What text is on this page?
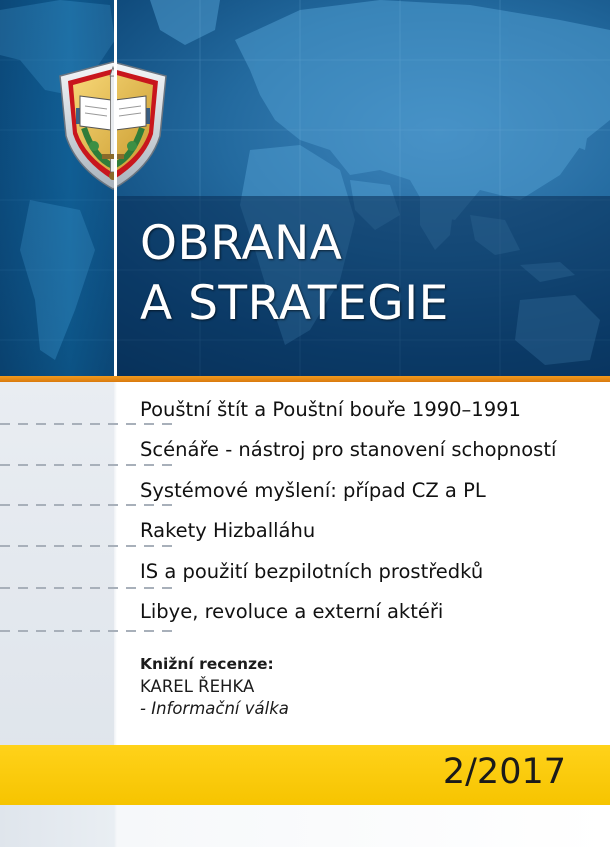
OBRANA
A STRATEGIE
Pouštní štít a Pouštní bouře 1990–1991
Scénáře - nástroj pro stanovení schopností
Systémové myšlení: případ CZ a PL
Rakety Hizballáhu
IS a použití bezpilotních prostředků
Libye, revoluce a externí aktéři

Knižní recenze:

KAREL ŘEHKA

- Informační válka

2/2017
